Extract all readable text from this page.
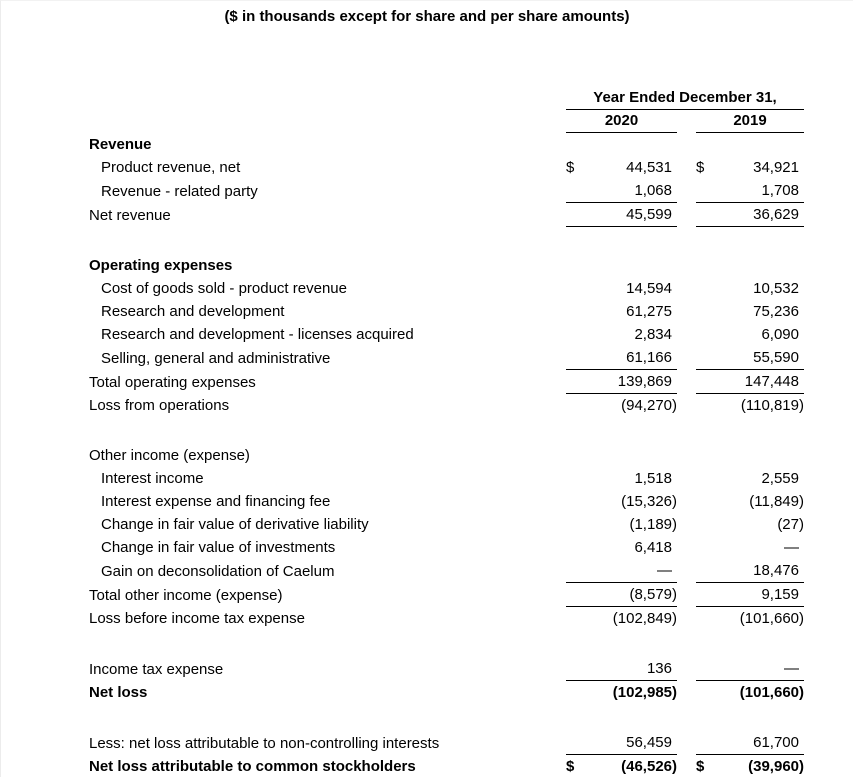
($ in thousands except for share and per share amounts)
	Year Ended December 31,		
	2020		2019
Revenue			
Product revenue, net	$ 44,531		$ 34,921

Revenue - related party	1,068		1,708

Net revenue	45,599		36,629

Operating expenses			
Cost of goods sold - product revenue	14,594		10,532

Research and development	61,275		75,236

Research and development - licenses acquired	2,834		6,090

Selling, general and administrative	61,166		55,590

Total operating expenses	139,869		147,448

Loss from operations	(94,270)		(110,819)

Other income (expense)			
Interest income	1,518		2,559

Interest expense and financing fee	(15,326)		(11,849)

Change in fair value of derivative liability	(1,189)		(27)

Change in fair value of investments	6,418		—

Gain on deconsolidation of Caelum	—		18,476

Total other income (expense)	(8,579)		9,159

Loss before income tax expense	(102,849)		(101,660)

Income tax expense	136		—

Net loss	(102,985)		(101,660)

Less: net loss attributable to non-controlling interests	56,459		61,700

Net loss attributable to common stockholders	$ (46,526)		$ (39,960)
